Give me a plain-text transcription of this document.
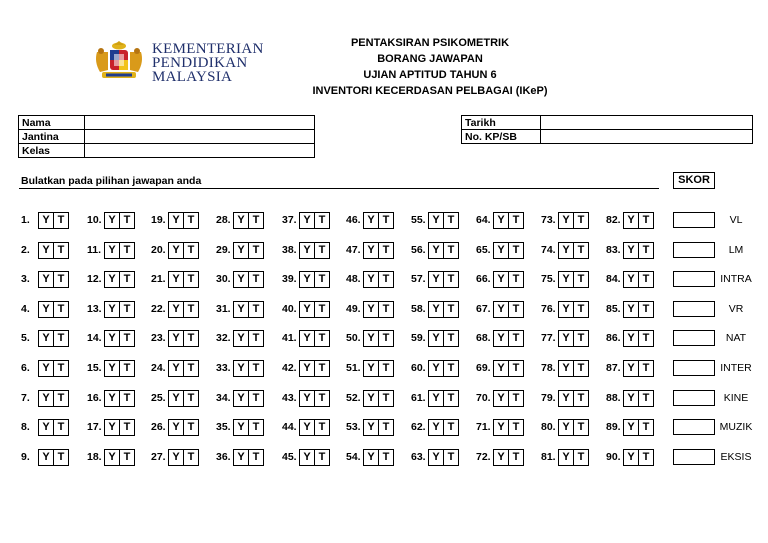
KEMENTERIAN
PENDIDIKAN
MALAYSIA
PENTAKSIRAN PSIKOMETRIK
BORANG JAWAPAN
UJIAN APTITUD TAHUN 6
INVENTORI KECERDASAN PELBAGAI (IKeP)
Nama	
Jantina	
Kelas	
Tarikh	
No. KP/SB	
Bulatkan pada pilihan jawapan anda	SKOR
1.	Y T	10. Y T	19. Y T	28. Y T	37. Y T	46. Y T	55. Y T	64. Y T	73. Y T	82. Y T	VL
2.	Y T	11. Y T	20. Y T	29. Y T	38. Y T	47. Y T	56. Y T	65. Y T	74. Y T	83. Y T	LM
3.	Y T	12. Y T	21. Y T	30. Y T	39. Y T	48. Y T	57. Y T	66. Y T	75. Y T	84. Y T	INTRA
4.	Y T	13. Y T	22. Y T	31. Y T	40. Y T	49. Y T	58. Y T	67. Y T	76. Y T	85. Y T	VR
5.	Y T	14. Y T	23. Y T	32. Y T	41. Y T	50. Y T	59. Y T	68. Y T	77. Y T	86. Y T	NAT
6.	Y T	15. Y T	24. Y T	33. Y T	42. Y T	51. Y T	60. Y T	69. Y T	78. Y T	87. Y T	INTER
7.	Y T	16. Y T	25. Y T	34. Y T	43. Y T	52. Y T	61. Y T	70. Y T	79. Y T	88. Y T	KINE
8.	Y T	17. Y T	26. Y T	35. Y T	44. Y T	53. Y T	62. Y T	71. Y T	80. Y T	89. Y T	MUZIK
9.	Y T	18. Y T	27. Y T	36. Y T	45. Y T	54. Y T	63. Y T	72. Y T	81. Y T	90. Y T	EKSIS
